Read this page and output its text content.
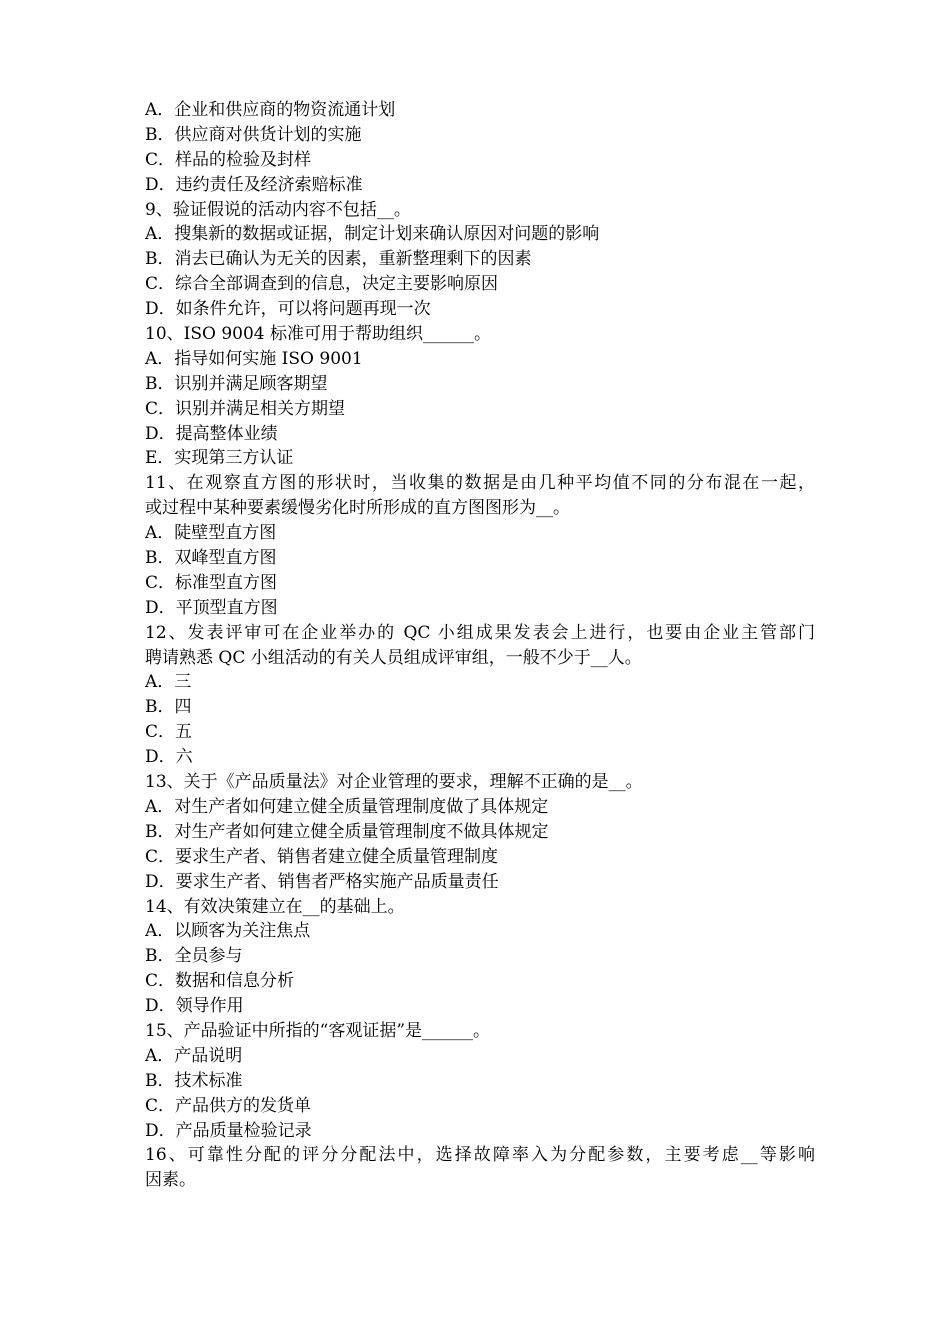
A．企业和供应商的物资流通计划
B．供应商对供货计划的实施
C．样品的检验及封样
D．违约责任及经济索赔标准
9、验证假说的活动内容不包括__。
A．搜集新的数据或证据，制定计划来确认原因对问题的影响
B．消去已确认为无关的因素，重新整理剩下的因素
C．综合全部调查到的信息，决定主要影响原因
D．如条件允许，可以将问题再现一次
10、ISO 9004 标准可用于帮助组织______。
A．指导如何实施 ISO 9001
B．识别并满足顾客期望
C．识别并满足相关方期望
D．提高整体业绩
E．实现第三方认证
11、在观察直方图的形状时，当收集的数据是由几种平均值不同的分布混在一起，
或过程中某种要素缓慢劣化时所形成的直方图图形为__。
A．陡壁型直方图
B．双峰型直方图
C．标准型直方图
D．平顶型直方图
12、发表评审可在企业举办的 QC 小组成果发表会上进行，也要由企业主管部门
聘请熟悉 QC 小组活动的有关人员组成评审组，一般不少于__人。
A．三
B．四
C．五
D．六
13、关于《产品质量法》对企业管理的要求，理解不正确的是__。
A．对生产者如何建立健全质量管理制度做了具体规定
B．对生产者如何建立健全质量管理制度不做具体规定
C．要求生产者、销售者建立健全质量管理制度
D．要求生产者、销售者严格实施产品质量责任
14、有效决策建立在__的基础上。
A．以顾客为关注焦点
B．全员参与
C．数据和信息分析
D．领导作用
15、产品验证中所指的“客观证据”是______。
A．产品说明
B．技术标准
C．产品供方的发货单
D．产品质量检验记录
16、可靠性分配的评分分配法中，选择故障率入为分配参数，主要考虑__等影响
因素。
